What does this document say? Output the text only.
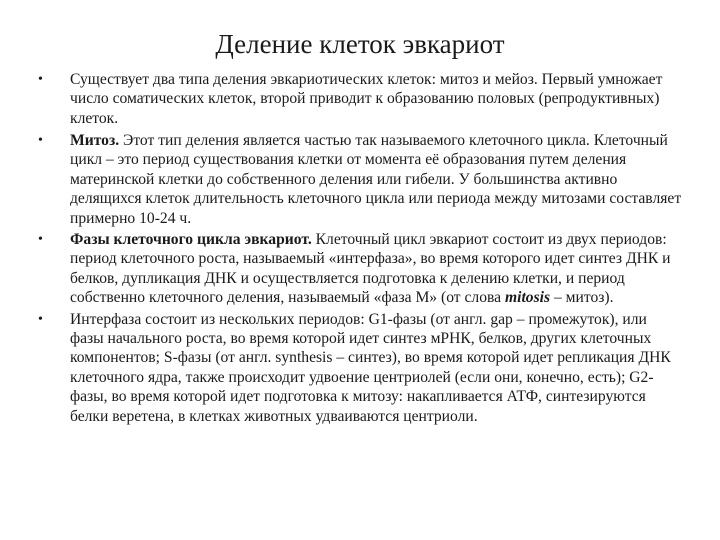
Деление клеток эвкариот
• Существует два типа деления эвкариотических клеток: митоз и мейоз. Первый умножает число соматических клеток, второй приводит к образованию половых (репродуктивных) клеток.
• Митоз. Этот тип деления является частью так называемого клеточного цикла. Клеточный цикл – это период существования клетки от момента её образования путем деления материнской клетки до собственного деления или гибели. У большинства активно делящихся клеток длительность клеточного цикла или периода между митозами составляет примерно 10-24 ч.
• Фазы клеточного цикла эвкариот. Клеточный цикл эвкариот состоит из двух периодов: период клеточного роста, называемый «интерфаза», во время которого идет синтез ДНК и белков, дупликация ДНК и осуществляется подготовка к делению клетки, и период собственно клеточного деления, называемый «фаза М» (от слова mitosis – митоз).
• Интерфаза состоит из нескольких периодов: G1-фазы (от англ. gap – промежуток), или фазы начального роста, во время которой идет синтез мРНК, белков, других клеточных компонентов; S-фазы (от англ. synthesis – синтез), во время которой идет репликация ДНК клеточного ядра, также происходит удвоение центриолей (если они, конечно, есть); G2-фазы, во время которой идет подготовка к митозу: накапливается АТФ, синтезируются белки веретена, в клетках животных удваиваются центриоли.
